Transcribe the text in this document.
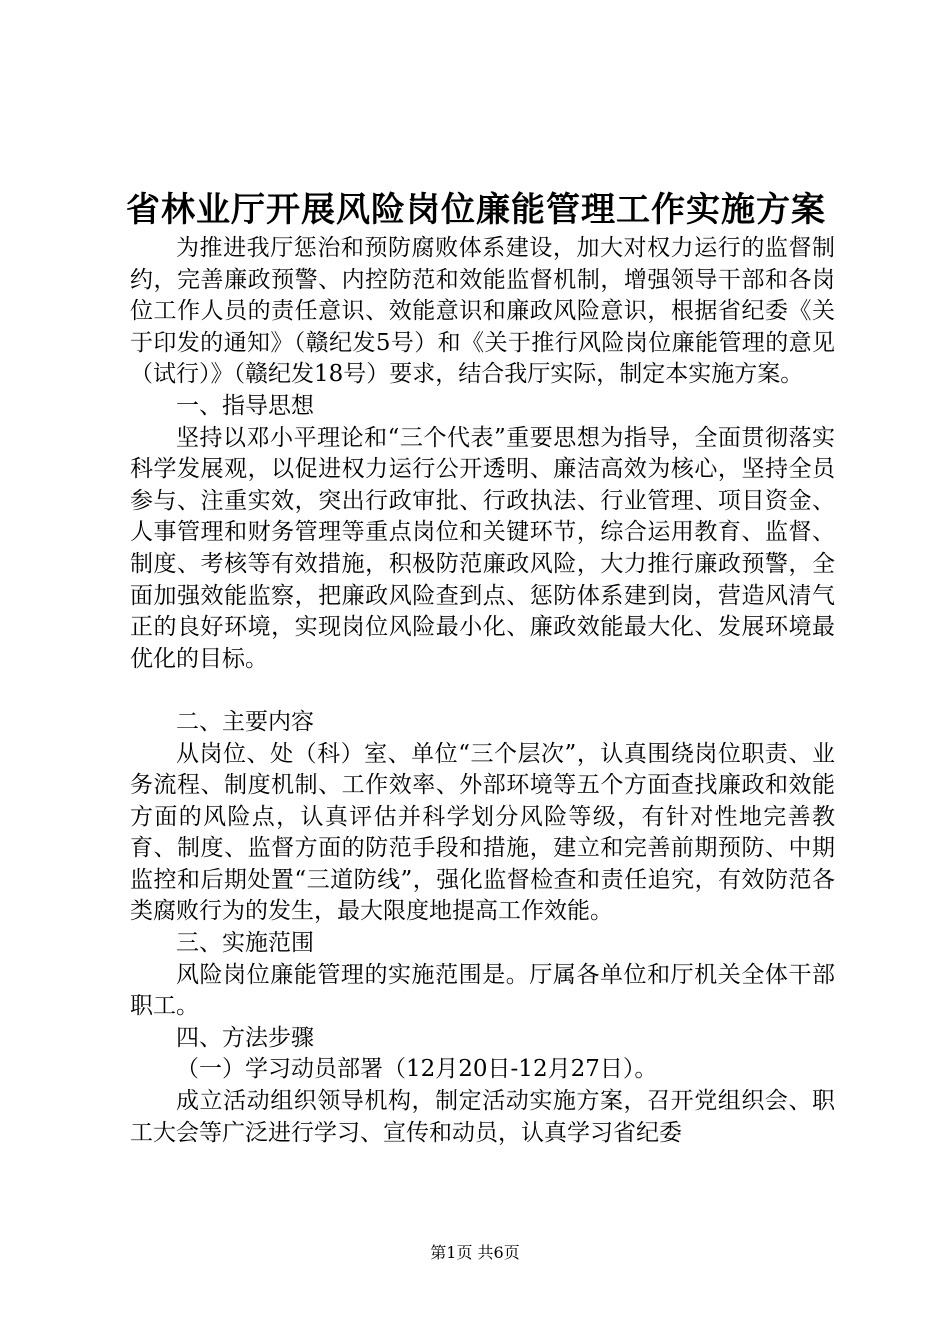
省林业厅开展风险岗位廉能管理工作实施方案

为推进我厅惩治和预防腐败体系建设，加大对权力运行的监督制约，完善廉政预警、内控防范和效能监督机制，增强领导干部和各岗位工作人员的责任意识、效能意识和廉政风险意识，根据省纪委《关于印发的通知》（赣纪发5号）和《关于推行风险岗位廉能管理的意见（试行）》（赣纪发18号）要求，结合我厅实际，制定本实施方案。

一、指导思想

坚持以邓小平理论和“三个代表”重要思想为指导，全面贯彻落实科学发展观，以促进权力运行公开透明、廉洁高效为核心，坚持全员参与、注重实效，突出行政审批、行政执法、行业管理、项目资金、人事管理和财务管理等重点岗位和关键环节，综合运用教育、监督、制度、考核等有效措施，积极防范廉政风险，大力推行廉政预警，全面加强效能监察，把廉政风险查到点、惩防体系建到岗，营造风清气正的良好环境，实现岗位风险最小化、廉政效能最大化、发展环境最优化的目标。

二、主要内容

从岗位、处（科）室、单位“三个层次”，认真围绕岗位职责、业务流程、制度机制、工作效率、外部环境等五个方面查找廉政和效能方面的风险点，认真评估并科学划分风险等级，有针对性地完善教育、制度、监督方面的防范手段和措施，建立和完善前期预防、中期监控和后期处置“三道防线”，强化监督检查和责任追究，有效防范各类腐败行为的发生，最大限度地提高工作效能。

三、实施范围

风险岗位廉能管理的实施范围是。厅属各单位和厅机关全体干部职工。

四、方法步骤

（一）学习动员部署（12月20日-12月27日）。

成立活动组织领导机构，制定活动实施方案，召开党组织会、职工大会等广泛进行学习、宣传和动员，认真学习省纪委

第1页 共6页
